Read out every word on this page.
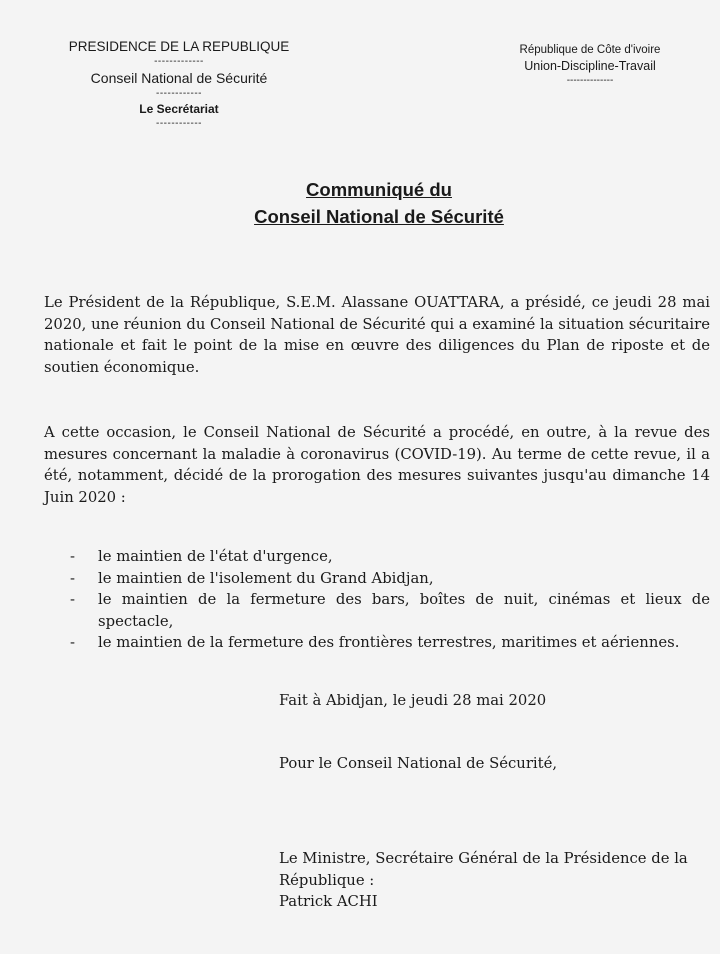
PRESIDENCE DE LA REPUBLIQUE

-------------

Conseil National de Sécurité

------------

Le Secrétariat

------------

République de Côte d'ivoire

Union-Discipline-Travail

--------------

Communiqué du
Conseil National de Sécurité
Le Président de la République, S.E.M. Alassane OUATTARA, a présidé, ce jeudi 28 mai 2020, une réunion du Conseil National de Sécurité qui a examiné la situation sécuritaire nationale et fait le point de la mise en œuvre des diligences du Plan de riposte et de soutien économique.
A cette occasion, le Conseil National de Sécurité a procédé, en outre, à la revue des mesures concernant la maladie à coronavirus (COVID-19). Au terme de cette revue, il a été, notamment, décidé de la prorogation des mesures suivantes jusqu'au dimanche 14 Juin 2020 :
- le maintien de l'état d'urgence,
- le maintien de l'isolement du Grand Abidjan,
- le maintien de la fermeture des bars, boîtes de nuit, cinémas et lieux de spectacle,
- le maintien de la fermeture des frontières terrestres, maritimes et aériennes.
Fait à Abidjan, le jeudi 28 mai 2020
Pour le Conseil National de Sécurité,
Le Ministre, Secrétaire Général de la Présidence de la
République :
Patrick ACHI
